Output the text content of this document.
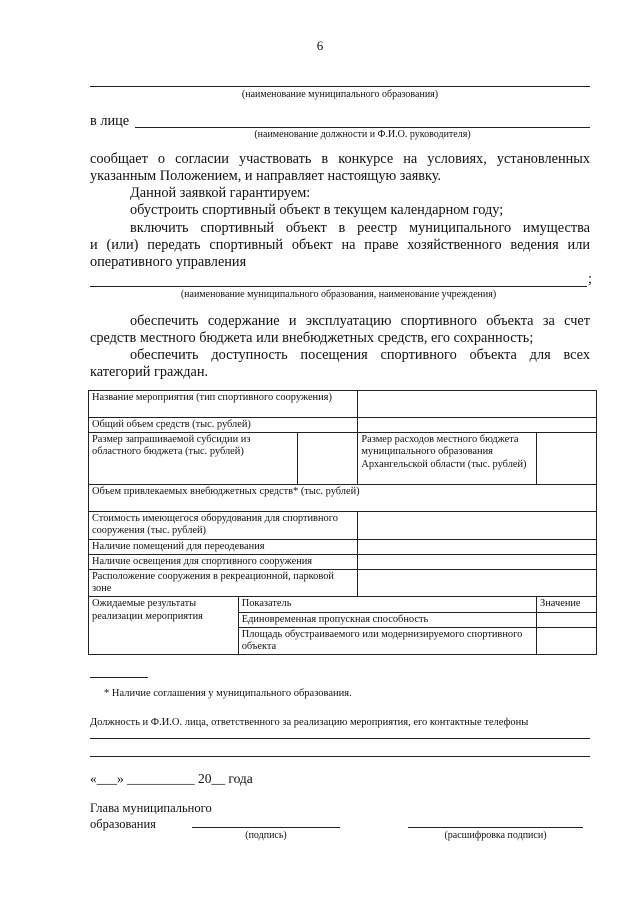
6
(наименование муниципального образования)
в лице
(наименование должности и Ф.И.О. руководителя)
сообщает о согласии участвовать в конкурсе на условиях, установленных
указанным Положением, и направляет настоящую заявку.
Данной заявкой гарантируем:
обустроить спортивный объект в текущем календарном году;
включить спортивный объект в реестр муниципального имущества
и (или) передать спортивный объект на праве хозяйственного ведения или
оперативного управления
;
(наименование муниципального образования, наименование учреждения)
обеспечить содержание и эксплуатацию спортивного объекта за счет
средств местного бюджета или внебюджетных средств, его сохранность;
обеспечить доступность посещения спортивного объекта для всех
категорий граждан.
Название мероприятия (тип спортивного сооружения)				
Общий объем средств (тыс. рублей)				
Размер запрашиваемой субсидии из областного бюджета (тыс. рублей)			Размер расходов местного бюджета муниципального образования Архангельской области (тыс. рублей)	
Объем привлекаемых внебюджетных средств* (тыс. рублей)				
Стоимость имеющегося оборудования для спортивного сооружения (тыс. рублей)				
Наличие помещений для переодевания				
Наличие освещения для спортивного сооружения				
Расположение сооружения в рекреационной, парковой зоне				
Ожидаемые результаты реализации мероприятия	Показатель			Значение
	Единовременная пропускная способность			
	Площадь обустраиваемого или модернизируемого спортивного объекта			
* Наличие соглашения у муниципального образования.
Должность и Ф.И.О. лица, ответственного за реализацию мероприятия, его контактные телефоны
«___» __________ 20__ года
Глава муниципального
образования
(подпись)	(расшифровка подписи)
